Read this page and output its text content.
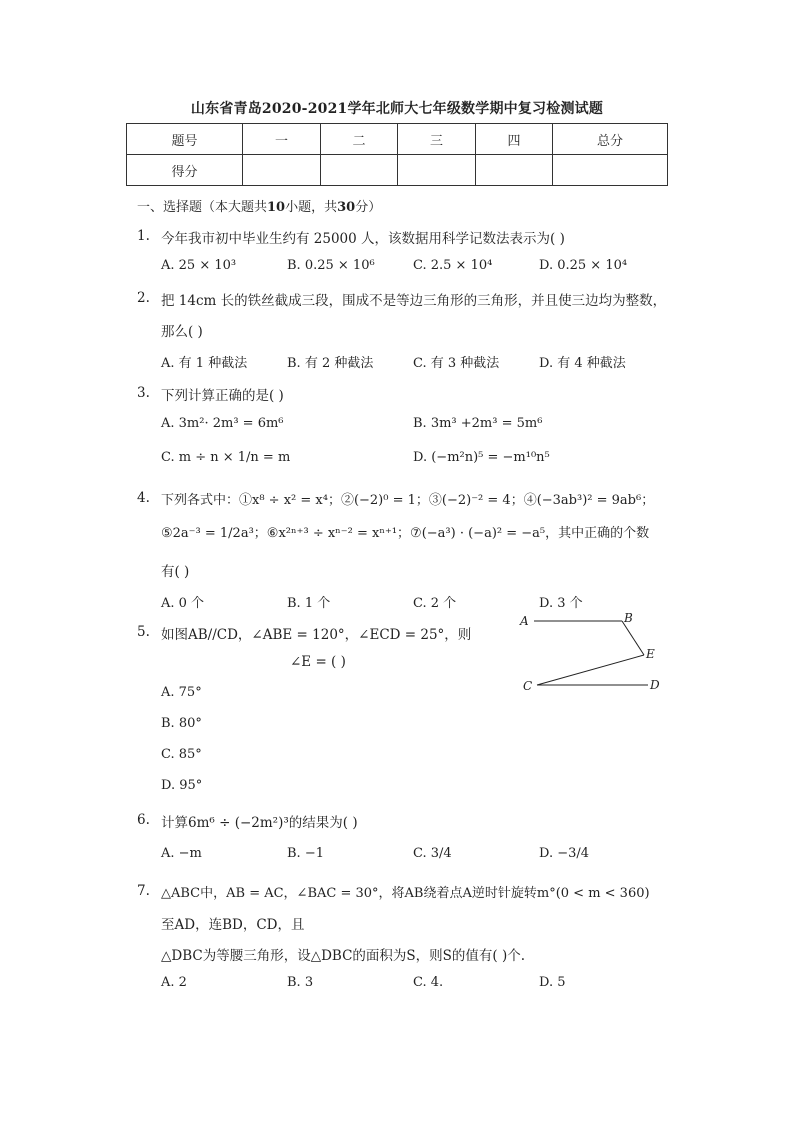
山东省青岛2020-2021学年北师大七年级数学期中复习检测试题
题号	一	二	三	四	总分
得分					
一、选择题（本大题共10小题，共30分）
1. 今年我市初中毕业生约有 25000 人，该数据用科学记数法表示为( )
A. 25 × 10³	B. 0.25 × 10⁶	C. 2.5 × 10⁴	D. 0.25 × 10⁴
2. 把 14cm 长的铁丝截成三段，围成不是等边三角形的三角形，并且使三边均为整数，
那么( )
A. 有 1 种截法	B. 有 2 种截法	C. 有 3 种截法	D. 有 4 种截法
3. 下列计算正确的是( )
A. 3m²· 2m³ = 6m⁶	B. 3m³ +2m³ = 5m⁶
C. m ÷ n × 1/n = m	D. (−m²n)⁵ = −m¹⁰n⁵
4. 下列各式中：①x⁸ ÷ x² = x⁴；②(−2)⁰ = 1；③(−2)⁻² = 4；④(−3ab³)² = 9ab⁶；
⑤2a⁻³ = 1/2a³；⑥x²ⁿ⁺³ ÷ xⁿ⁻² = xⁿ⁺¹；⑦(−a³) · (−a)² = −a⁵，其中正确的个数
有( )
A. 0 个	B. 1 个	C. 2 个	D. 3 个
5. 如图AB//CD，∠ABE = 120°，∠ECD = 25°，则
∠E = ( )
A. 75°
B. 80°
C. 85°
D. 95°
A	B
E
C	D
6. 计算6m⁶ ÷ (−2m²)³的结果为( )
A. −m	B. −1	C. 3/4	D. −3/4
7. △ABC中，AB = AC，∠BAC = 30°，将AB绕着点A逆时针旋转m°(0 < m < 360)
至AD，连BD，CD，且
△DBC为等腰三角形，设△DBC的面积为S，则S的值有( )个.
A. 2	B. 3	C. 4.	D. 5
